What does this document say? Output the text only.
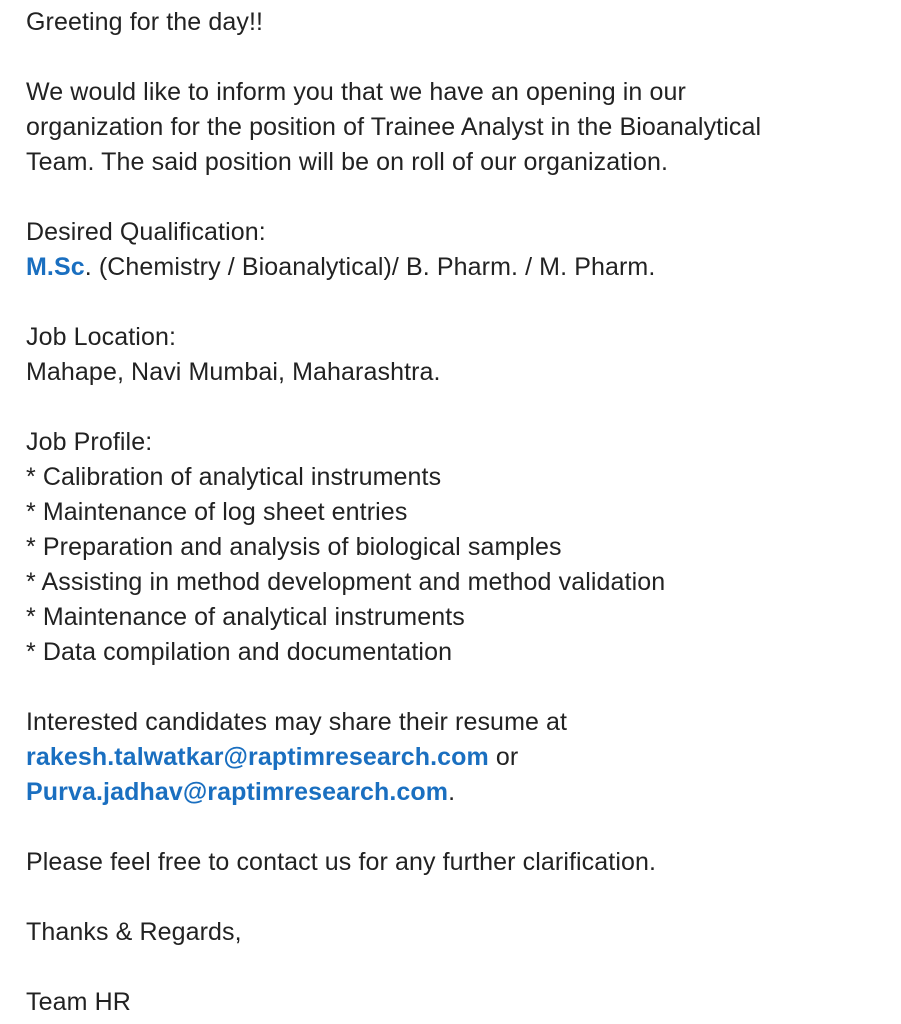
Greeting for the day!!
We would like to inform you that we have an opening in our
organization for the position of Trainee Analyst in the Bioanalytical
Team. The said position will be on roll of our organization.
Desired Qualification:
M.Sc. (Chemistry / Bioanalytical)/ B. Pharm. / M. Pharm.
Job Location:
Mahape, Navi Mumbai, Maharashtra.
Job Profile:
* Calibration of analytical instruments
* Maintenance of log sheet entries
* Preparation and analysis of biological samples
* Assisting in method development and method validation
* Maintenance of analytical instruments
* Data compilation and documentation
Interested candidates may share their resume at
rakesh.talwatkar@raptimresearch.com or
Purva.jadhav@raptimresearch.com.
Please feel free to contact us for any further clarification.
Thanks & Regards,
Team HR
